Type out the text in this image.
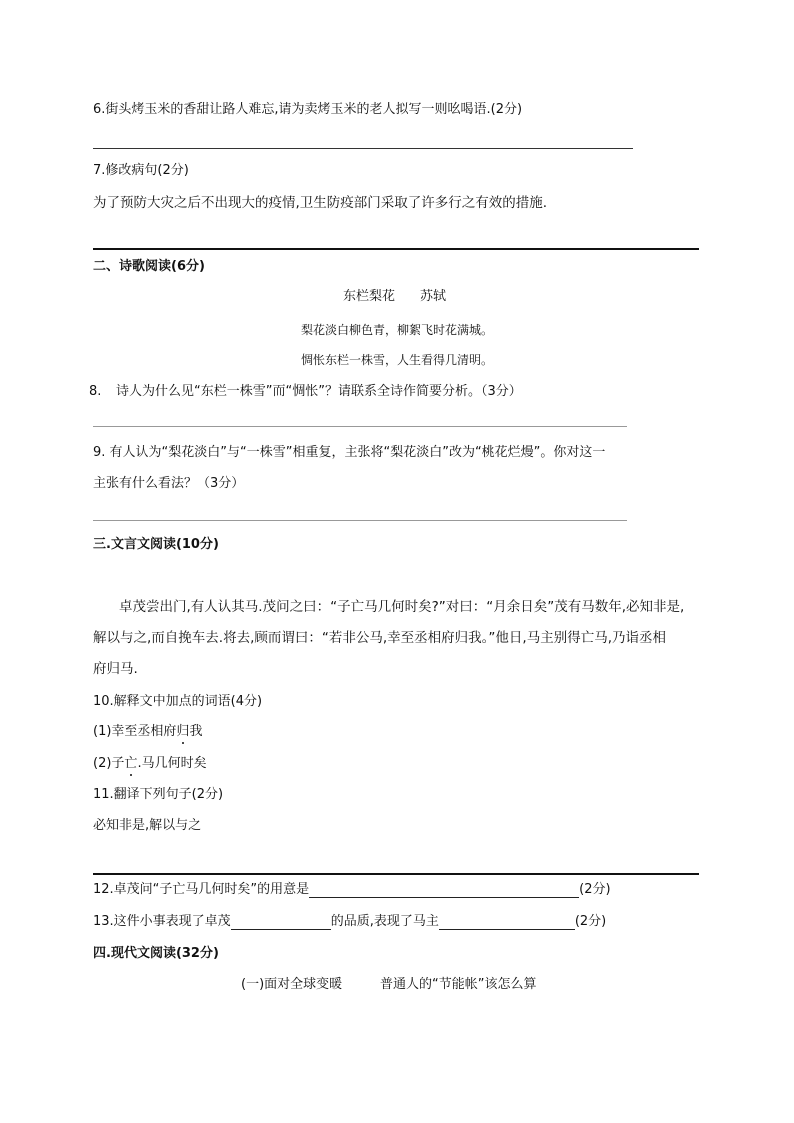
6.街头烤玉米的香甜让路人难忘,请为卖烤玉米的老人拟写一则吆喝语.(2分)
7.修改病句(2分)
为了预防大灾之后不出现大的疫情,卫生防疫部门采取了许多行之有效的措施.
二、诗歌阅读(6分)
东栏梨花 苏轼
梨花淡白柳色青，柳絮飞时花满城。
惆怅东栏一株雪，人生看得几清明。
8. 诗人为什么见“东栏一株雪”而“惆怅”？请联系全诗作简要分析。（3分）
9. 有人认为“梨花淡白”与“一株雪”相重复，主张将“梨花淡白”改为“桃花烂熳”。你对这一
主张有什么看法？（3分）
三.文言文阅读(10分)
卓茂尝出门,有人认其马.茂问之曰：“子亡马几何时矣?”对曰：“月余日矣”茂有马数年,必知非是,
解以与之,而自挽车去.将去,顾而谓曰：“若非公马,幸至丞相府归我。”他日,马主别得亡马,乃诣丞相
府归马.
10.解释文中加点的词语(4分)
(1)幸至丞相府归我
(2)子亡.马几何时矣
11.翻译下列句子(2分)
必知非是,解以与之
12.卓茂问“子亡马几何时矣”的用意是	(2分)
13.这件小事表现了卓茂	的品质,表现了马主	(2分)
四.现代文阅读(32分)
(一)面对全球变暖	普通人的“节能帐”该怎么算
